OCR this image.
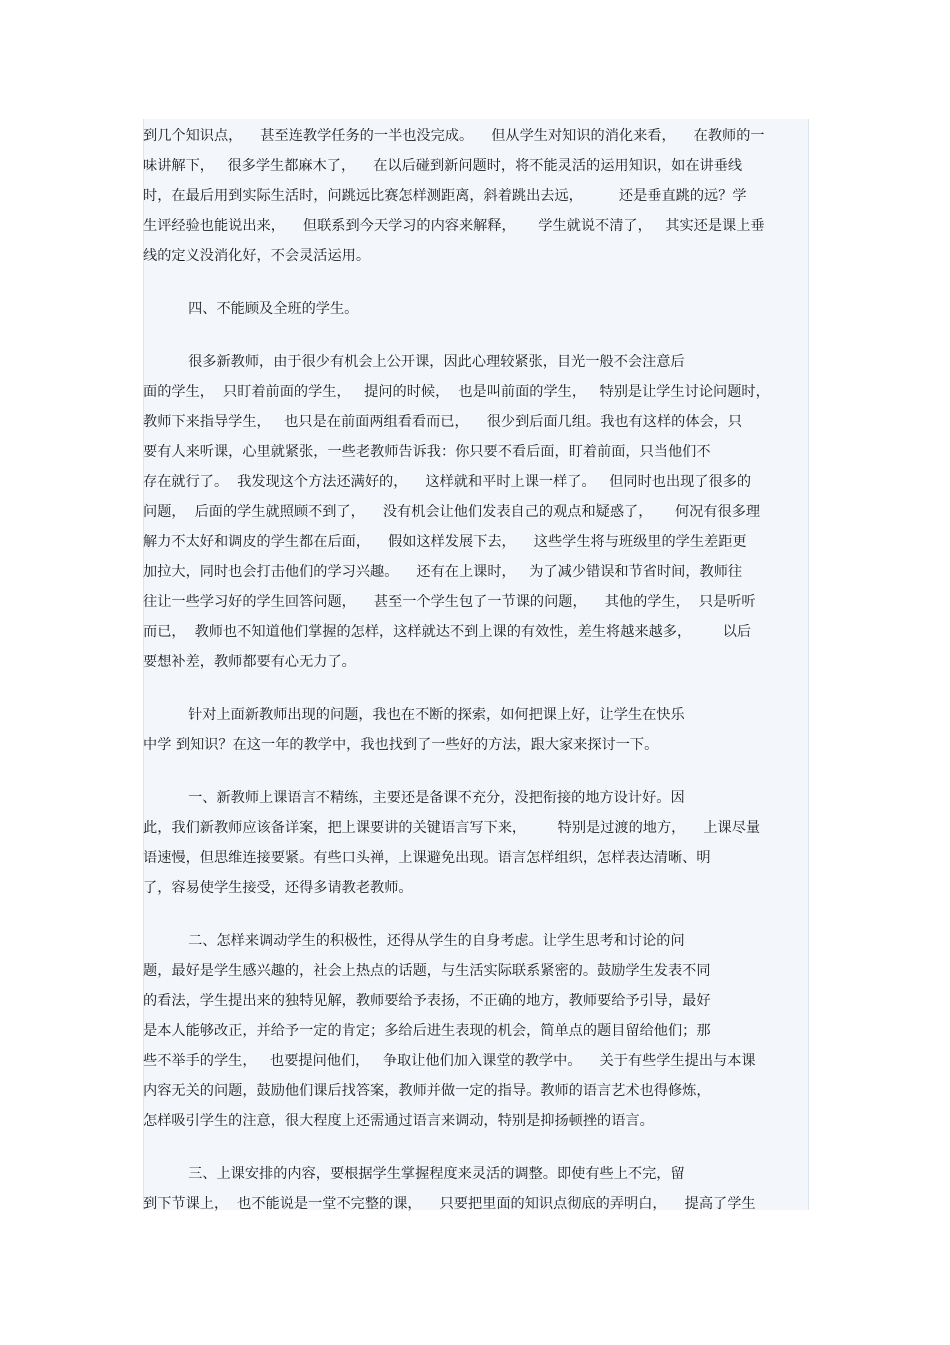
到几个知识点，    甚至连教学任务的一半也没完成。    但从学生对知识的消化来看，    在教师的一
味讲解下，   很多学生都麻木了，    在以后碰到新问题时，将不能灵活的运用知识，如在讲垂线
时，在最后用到实际生活时，问跳远比赛怎样测距离，斜着跳出去远，        还是垂直跳的远？学
生评经验也能说出来，    但联系到今天学习的内容来解释，     学生就说不清了，   其实还是课上垂
线的定义没消化好，不会灵活运用。
四、不能顾及全班的学生。
很多新教师，由于很少有机会上公开课，因此心理较紧张，目光一般不会注意后
面的学生，  只盯着前面的学生，   提问的时候，  也是叫前面的学生，   特别是让学生讨论问题时，
教师下来指导学生，   也只是在前面两组看看而已，    很少到后面几组。我也有这样的体会，只
要有人来听课，心里就紧张，一些老教师告诉我：你只要不看后面，盯着前面，只当他们不
存在就行了。  我发现这个方法还满好的，    这样就和平时上课一样了。   但同时也出现了很多的
问题，  后面的学生就照顾不到了，    没有机会让他们发表自己的观点和疑惑了，     何况有很多理
解力不太好和调皮的学生都在后面，    假如这样发展下去，    这些学生将与班级里的学生差距更
加拉大，同时也会打击他们的学习兴趣。    还有在上课时，   为了减少错误和节省时间，教师往
往让一些学习好的学生回答问题，    甚至一个学生包了一节课的问题，    其他的学生，  只是听听
而已，  教师也不知道他们掌握的怎样，这样就达不到上课的有效性，差生将越来越多，       以后
要想补差，教师都要有心无力了。
针对上面新教师出现的问题，我也在不断的探索，如何把课上好，让学生在快乐
中学 到知识？在这一年的教学中，我也找到了一些好的方法，跟大家来探讨一下。
一、新教师上课语言不精练，主要还是备课不充分，没把衔接的地方设计好。因
此，我们新教师应该备详案，把上课要讲的关键语言写下来，       特别是过渡的地方，    上课尽量
语速慢，但思维连接要紧。有些口头禅，上课避免出现。语言怎样组织，怎样表达清晰、明
了，容易使学生接受，还得多请教老教师。
二、怎样来调动学生的积极性，还得从学生的自身考虑。让学生思考和讨论的问
题，最好是学生感兴趣的，社会上热点的话题，与生活实际联系紧密的。鼓励学生发表不同
的看法，学生提出来的独特见解，教师要给予表扬，不正确的地方，教师要给予引导，最好
是本人能够改正，并给予一定的肯定；多给后进生表现的机会，简单点的题目留给他们；那
些不举手的学生，   也要提问他们，   争取让他们加入课堂的教学中。    关于有些学生提出与本课
内容无关的问题，鼓励他们课后找答案，教师并做一定的指导。教师的语言艺术也得修炼，
怎样吸引学生的注意，很大程度上还需通过语言来调动，特别是抑扬顿挫的语言。
三、上课安排的内容，要根据学生掌握程度来灵活的调整。即使有些上不完，留
到下节课上，  也不能说是一堂不完整的课，    只要把里面的知识点彻底的弄明白，    提高了学生
